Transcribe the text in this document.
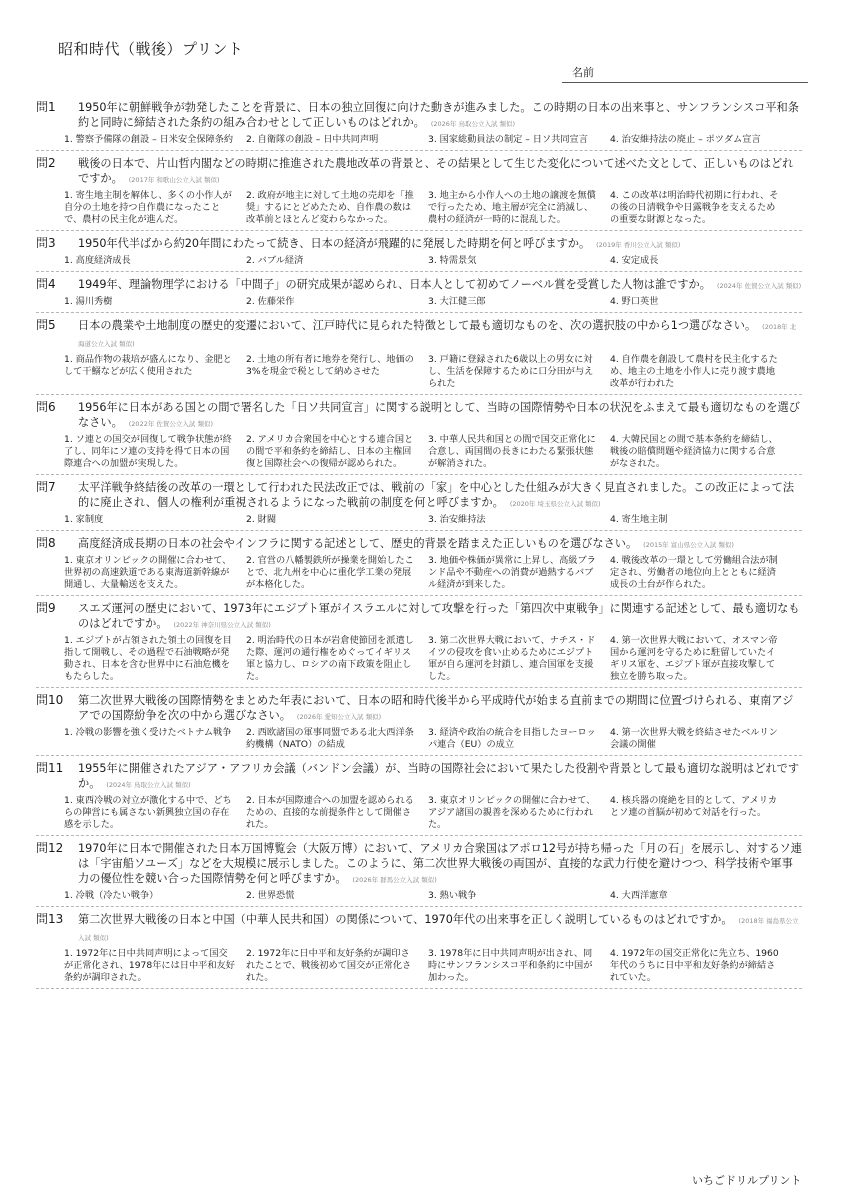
昭和時代（戦後）プリント
名前
問1	1950年に朝鮮戦争が勃発したことを背景に、日本の独立回復に向けた動きが進みました。この時期の日本の出来事と、サンフランシスコ平和条約と同時に締結された条約の組み合わせとして正しいものはどれか。 (2026年 鳥取公立入試 類似)
1. 警察予備隊の創設 – 日米安全保障条約	2. 自衛隊の創設 – 日中共同声明	3. 国家総動員法の制定 – 日ソ共同宣言	4. 治安維持法の廃止 – ポツダム宣言
問2	戦後の日本で、片山哲内閣などの時期に推進された農地改革の背景と、その結果として生じた変化について述べた文として、正しいものはどれですか。 (2017年 和歌山公立入試 類似)
1. 寄生地主制を解体し、多くの小作人が自分の土地を持つ自作農になったことで、農村の民主化が進んだ。
2. 政府が地主に対して土地の売却を「推奨」するにとどめたため、自作農の数は改革前とほとんど変わらなかった。
3. 地主から小作人への土地の譲渡を無償で行ったため、地主層が完全に消滅し、農村の経済が一時的に混乱した。
4. この改革は明治時代初期に行われ、その後の日清戦争や日露戦争を支えるための重要な財源となった。
問3	1950年代半ばから約20年間にわたって続き、日本の経済が飛躍的に発展した時期を何と呼びますか。 (2019年 香川公立入試 類似)
1. 高度経済成長	2. バブル経済	3. 特需景気	4. 安定成長
問4	1949年、理論物理学における「中間子」の研究成果が認められ、日本人として初めてノーベル賞を受賞した人物は誰ですか。 (2024年 佐賀公立入試 類似)
1. 湯川秀樹	2. 佐藤栄作	3. 大江健三郎	4. 野口英世
問5	日本の農業や土地制度の歴史的変遷において、江戸時代に見られた特徴として最も適切なものを、次の選択肢の中から1つ選びなさい。 (2018年 北海道公立入試 類似)
1. 商品作物の栽培が盛んになり、金肥として干鰯などが広く使用された
2. 土地の所有者に地券を発行し、地価の3%を現金で税として納めさせた
3. 戸籍に登録された6歳以上の男女に対し、生活を保障するために口分田が与えられた
4. 自作農を創設して農村を民主化するため、地主の土地を小作人に売り渡す農地改革が行われた
問6	1956年に日本がある国との間で署名した「日ソ共同宣言」に関する説明として、当時の国際情勢や日本の状況をふまえて最も適切なものを選びなさい。 (2022年 佐賀公立入試 類似)
1. ソ連との国交が回復して戦争状態が終了し、同年にソ連の支持を得て日本の国際連合への加盟が実現した。
2. アメリカ合衆国を中心とする連合国との間で平和条約を締結し、日本の主権回復と国際社会への復帰が認められた。
3. 中華人民共和国との間で国交正常化に合意し、両国間の長きにわたる緊張状態が解消された。
4. 大韓民国との間で基本条約を締結し、戦後の賠償問題や経済協力に関する合意がなされた。
問7	太平洋戦争終結後の改革の一環として行われた民法改正では、戦前の「家」を中心とした仕組みが大きく見直されました。この改正によって法的に廃止され、個人の権利が重視されるようになった戦前の制度を何と呼びますか。 (2020年 埼玉県公立入試 類似)
1. 家制度	2. 財閥	3. 治安維持法	4. 寄生地主制
問8	高度経済成長期の日本の社会やインフラに関する記述として、歴史的背景を踏まえた正しいものを選びなさい。 (2015年 富山県公立入試 類似)
1. 東京オリンピックの開催に合わせて、世界初の高速鉄道である東海道新幹線が開通し、大量輸送を支えた。
2. 官営の八幡製鉄所が操業を開始したことで、北九州を中心に重化学工業の発展が本格化した。
3. 地価や株価が異常に上昇し、高級ブランド品や不動産への消費が過熱するバブル経済が到来した。
4. 戦後改革の一環として労働組合法が制定され、労働者の地位向上とともに経済成長の土台が作られた。
問9	スエズ運河の歴史において、1973年にエジプト軍がイスラエルに対して攻撃を行った「第四次中東戦争」に関連する記述として、最も適切なものはどれですか。 (2022年 神奈川県公立入試 類似)
1. エジプトが占領された領土の回復を目指して開戦し、その過程で石油戦略が発動され、日本を含む世界中に石油危機をもたらした。
2. 明治時代の日本が岩倉使節団を派遣した際、運河の通行権をめぐってイギリス軍と協力し、ロシアの南下政策を阻止した。
3. 第二次世界大戦において、ナチス・ドイツの侵攻を食い止めるためにエジプト軍が自ら運河を封鎖し、連合国軍を支援した。
4. 第一次世界大戦において、オスマン帝国から運河を守るために駐留していたイギリス軍を、エジプト軍が直接攻撃して独立を勝ち取った。
問10	第二次世界大戦後の国際情勢をまとめた年表において、日本の昭和時代後半から平成時代が始まる直前までの期間に位置づけられる、東南アジアでの国際紛争を次の中から選びなさい。 (2026年 愛知公立入試 類似)
1. 冷戦の影響を強く受けたベトナム戦争	2. 西欧諸国の軍事同盟である北大西洋条約機構（NATO）の結成
3. 経済や政治の統合を目指したヨーロッパ連合（EU）の成立
4. 第一次世界大戦を終結させたベルリン会議の開催
問11	1955年に開催されたアジア・アフリカ会議（バンドン会議）が、当時の国際社会において果たした役割や背景として最も適切な説明はどれですか。 (2024年 鳥取公立入試 類似)
1. 東西冷戦の対立が激化する中で、どちらの陣営にも属さない新興独立国の存在感を示した。
2. 日本が国際連合への加盟を認められるための、直接的な前提条件として開催された。
3. 東京オリンピックの開催に合わせて、アジア諸国の親善を深めるために行われた。
4. 核兵器の廃絶を目的として、アメリカとソ連の首脳が初めて対話を行った。
問12	1970年に日本で開催された日本万国博覧会（大阪万博）において、アメリカ合衆国はアポロ12号が持ち帰った「月の石」を展示し、対するソ連は「宇宙船ソユーズ」などを大規模に展示しました。このように、第二次世界大戦後の両国が、直接的な武力行使を避けつつ、科学技術や軍事力の優位性を競い合った国際情勢を何と呼びますか。 (2026年 群馬公立入試 類似)
1. 冷戦（冷たい戦争）	2. 世界恐慌	3. 熱い戦争	4. 大西洋憲章
問13	第二次世界大戦後の日本と中国（中華人民共和国）の関係について、1970年代の出来事を正しく説明しているものはどれですか。 (2018年 福島県公立入試 類似)
1. 1972年に日中共同声明によって国交が正常化され、1978年には日中平和友好条約が調印された。
2. 1972年に日中平和友好条約が調印されたことで、戦後初めて国交が正常化された。
3. 1978年に日中共同声明が出され、同時にサンフランシスコ平和条約に中国が加わった。
4. 1972年の国交正常化に先立ち、1960年代のうちに日中平和友好条約が締結されていた。
いちごドリルプリント
